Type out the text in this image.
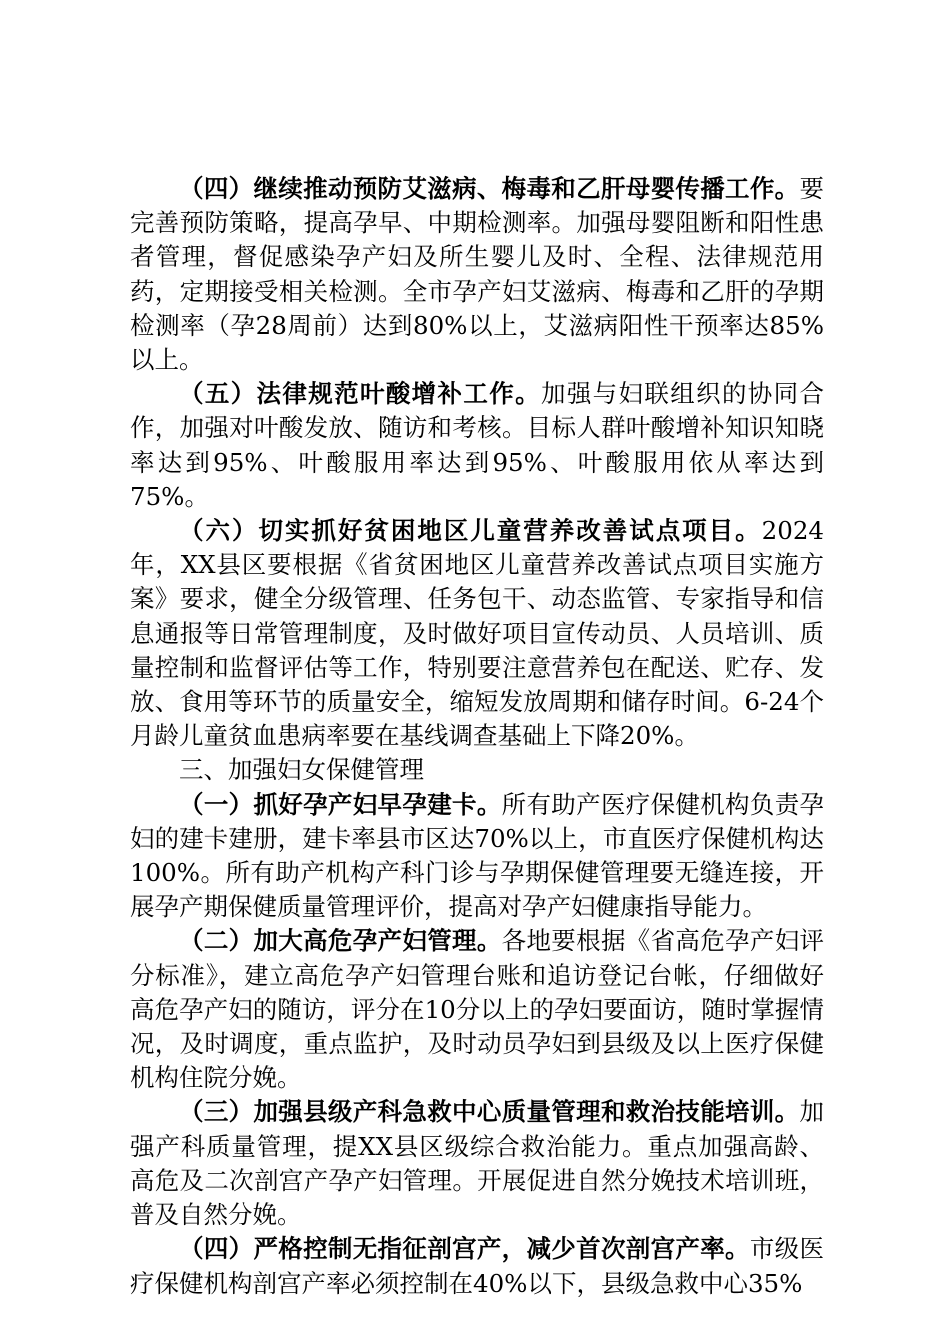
（四）继续推动预防艾滋病、梅毒和乙肝母婴传播工作。要完善预防策略，提高孕早、中期检测率。加强母婴阻断和阳性患者管理，督促感染孕产妇及所生婴儿及时、全程、法律规范用药，定期接受相关检测。全市孕产妇艾滋病、梅毒和乙肝的孕期检测率（孕28周前）达到80%以上，艾滋病阳性干预率达85%以上。

（五）法律规范叶酸增补工作。加强与妇联组织的协同合作，加强对叶酸发放、随访和考核。目标人群叶酸增补知识知晓率达到95%、叶酸服用率达到95%、叶酸服用依从率达到75%。

（六）切实抓好贫困地区儿童营养改善试点项目。2024年，XX县区要根据《省贫困地区儿童营养改善试点项目实施方案》要求，健全分级管理、任务包干、动态监管、专家指导和信息通报等日常管理制度，及时做好项目宣传动员、人员培训、质量控制和监督评估等工作，特别要注意营养包在配送、贮存、发放、食用等环节的质量安全，缩短发放周期和储存时间。6-24个月龄儿童贫血患病率要在基线调查基础上下降20%。

三、加强妇女保健管理

（一）抓好孕产妇早孕建卡。所有助产医疗保健机构负责孕妇的建卡建册，建卡率县市区达70%以上，市直医疗保健机构达100%。所有助产机构产科门诊与孕期保健管理要无缝连接，开展孕产期保健质量管理评价，提高对孕产妇健康指导能力。

（二）加大高危孕产妇管理。各地要根据《省高危孕产妇评分标准》，建立高危孕产妇管理台账和追访登记台帐，仔细做好高危孕产妇的随访，评分在10分以上的孕妇要面访，随时掌握情况，及时调度，重点监护，及时动员孕妇到县级及以上医疗保健机构住院分娩。

（三）加强县级产科急救中心质量管理和救治技能培训。加强产科质量管理，提XX县区级综合救治能力。重点加强高龄、高危及二次剖宫产孕产妇管理。开展促进自然分娩技术培训班，普及自然分娩。

（四）严格控制无指征剖宫产，减少首次剖宫产率。市级医疗保健机构剖宫产率必须控制在40%以下，县级急救中心35%
